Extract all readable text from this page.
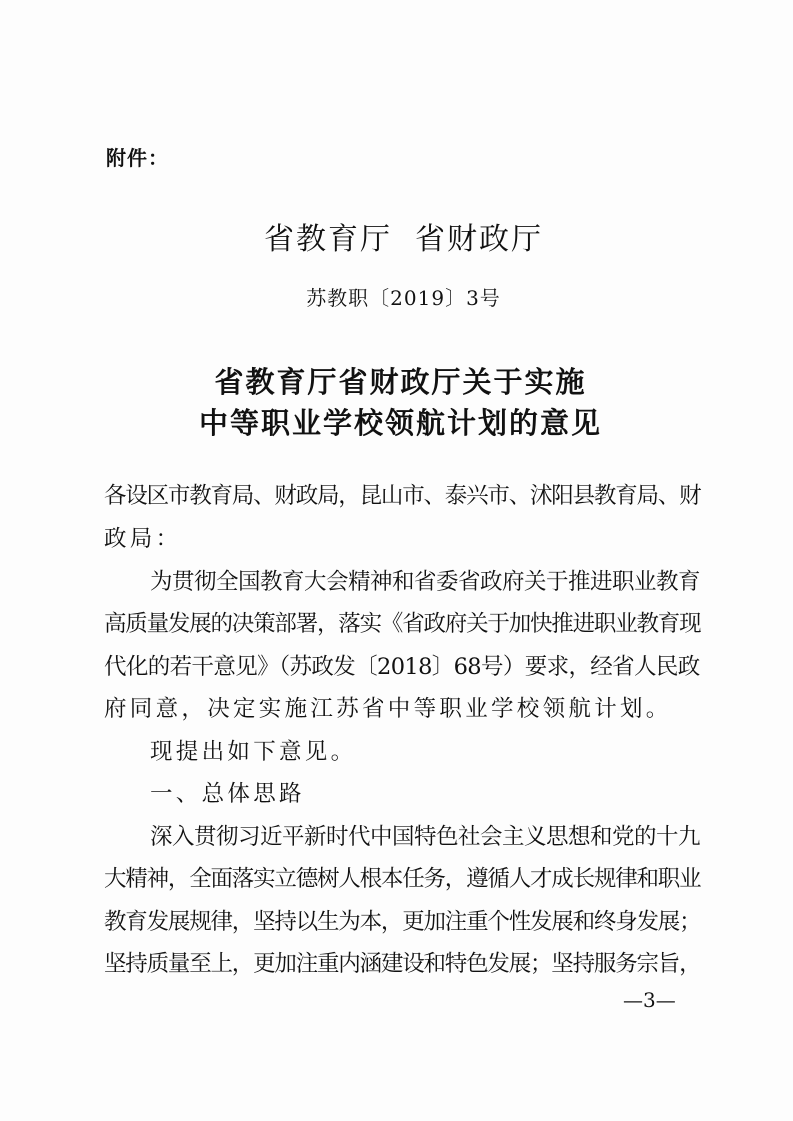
附件：
省教育厅  省财政厅
苏教职〔2019〕3号
省教育厅省财政厅关于实施
中等职业学校领航计划的意见
各设区市教育局、财政局，昆山市、泰兴市、沭阳县教育局、财
政局：
为贯彻全国教育大会精神和省委省政府关于推进职业教育
高质量发展的决策部署，落实《省政府关于加快推进职业教育现
代化的若干意见》（苏政发〔2018〕68号）要求，经省人民政
府同意，决定实施江苏省中等职业学校领航计划。
现提出如下意见。
一、总体思路
深入贯彻习近平新时代中国特色社会主义思想和党的十九
大精神，全面落实立德树人根本任务，遵循人才成长规律和职业
教育发展规律，坚持以生为本，更加注重个性发展和终身发展；
坚持质量至上，更加注重内涵建设和特色发展；坚持服务宗旨，
—3—
